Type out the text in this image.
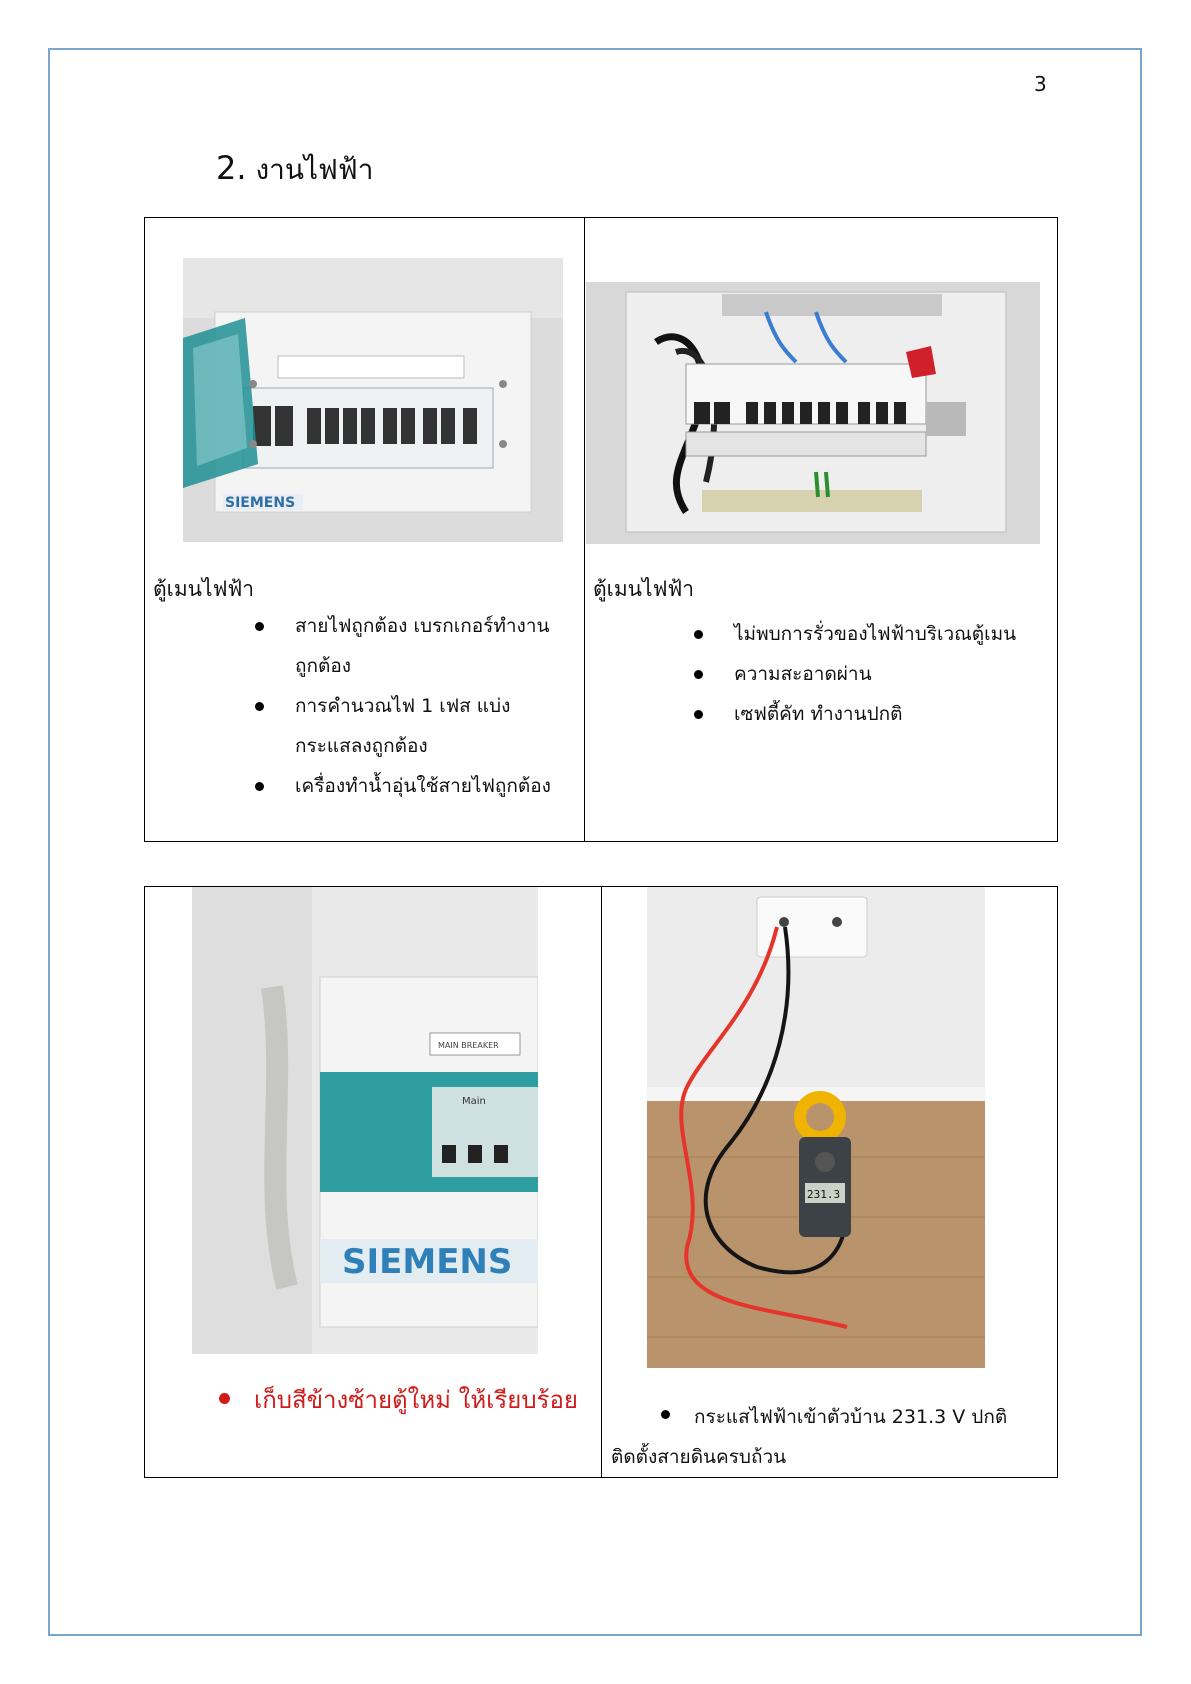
3
2. งานไฟฟ้า
SIEMENS
ตู้เมนไฟฟ้า
สายไฟถูกต้อง เบรกเกอร์ทำงานถูกต้อง
การคำนวณไฟ 1 เฟส แบ่งกระแสลงถูกต้อง
เครื่องทำน้ำอุ่นใช้สายไฟถูกต้อง
ตู้เมนไฟฟ้า
ไม่พบการรั่วของไฟฟ้าบริเวณตู้เมน
ความสะอาดผ่าน
เซฟตี้คัท ทำงานปกติ
Main
MAIN BREAKER
SIEMENS
231.3
เก็บสีข้างซ้ายตู้ใหม่ ให้เรียบร้อย
กระแสไฟฟ้าเข้าตัวบ้าน 231.3 V ปกติ
ติดตั้งสายดินครบถ้วน
